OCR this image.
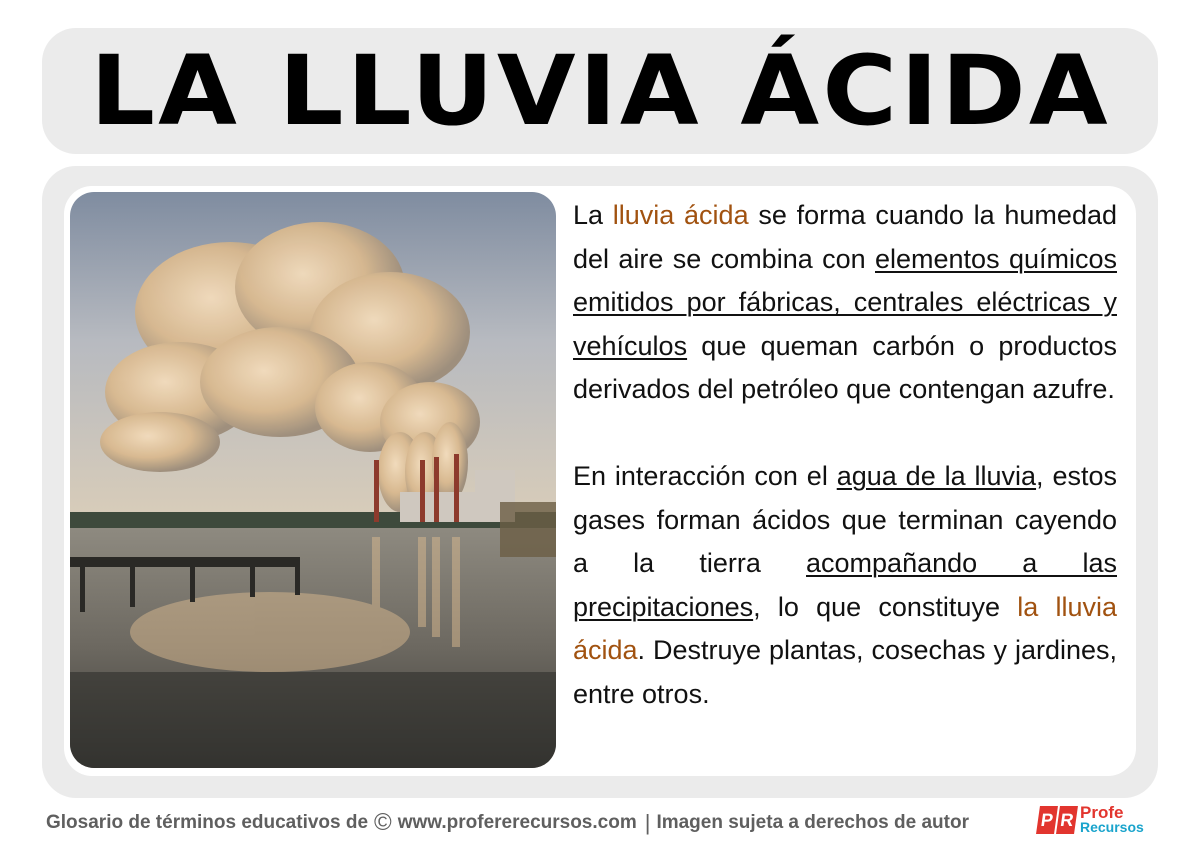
LA LLUVIA ÁCIDA

La lluvia ácida se forma cuando la humedad del aire se combina con elementos químicos emitidos por fábricas, centrales eléctricas y vehículos que queman carbón o productos derivados del petróleo que contengan azufre.

En interacción con el agua de la lluvia, estos gases forman ácidos que terminan cayendo a la tierra acompañando a las precipitaciones, lo que constituye la lluvia ácida. Destruye plantas, cosechas y jardines, entre otros.

Glosario de términos educativos de © www.profererecursos.com | Imagen sujeta a derechos de autor	P R Profe
Recursos
